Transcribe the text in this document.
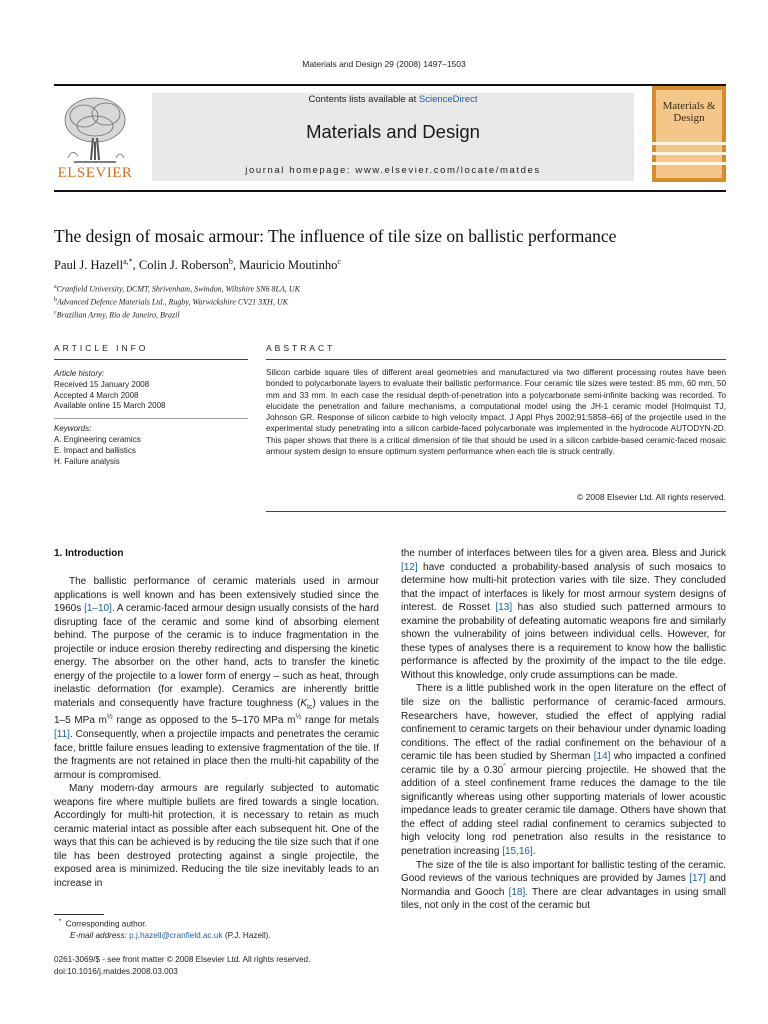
Materials and Design 29 (2008) 1497–1503
ELSEVIER
Contents lists available at ScienceDirect
Materials and Design
journal homepage: www.elsevier.com/locate/matdes
Materials & Design
The design of mosaic armour: The influence of tile size on ballistic performance
Paul J. Hazell$^{a,*}$, Colin J. Roberson$^b$, Mauricio Moutinho$^c$
$^a$Cranfield University, DCMT, Shrivenham, Swindon, Wiltshire SN6 8LA, UK
$^b$Advanced Defence Materials Ltd., Rugby, Warwickshire CV21 3XH, UK
$^c$Brazilian Army, Rio de Janeiro, Brazil
ARTICLE INFO
Article history:
Received 15 January 2008
Accepted 4 March 2008
Available online 15 March 2008
Keywords:
A. Engineering ceramics
E. Impact and ballistics
H. Failure analysis
ABSTRACT
Silicon carbide square tiles of different areal geometries and manufactured via two different processing routes have been bonded to polycarbonate layers to evaluate their ballistic performance. Four ceramic tile sizes were tested: 85 mm, 60 mm, 50 mm and 33 mm. In each case the residual depth-of-penetration into a polycarbonate semi-infinite backing was recorded. To elucidate the penetration and failure mechanisms, a computational model using the JH-1 ceramic model [Holmquist TJ, Johnson GR. Response of silicon carbide to high velocity impact. J Appl Phys 2002;91:5858–66] of the projectile used in the experimental study penetrating into a silicon carbide-faced polycarbonate was implemented in the hydrocode AUTODYN-2D. This paper shows that there is a critical dimension of tile that should be used in a silicon carbide-based ceramic-faced mosaic armour system design to ensure optimum system performance when each tile is struck centrally.
© 2008 Elsevier Ltd. All rights reserved.
1. Introduction

The ballistic performance of ceramic materials used in armour applications is well known and has been extensively studied since the 1960s [1–10]. A ceramic-faced armour design usually consists of the hard disrupting face of the ceramic and some kind of absorbing element behind. The purpose of the ceramic is to induce fragmentation in the projectile or induce erosion thereby redirecting and dispersing the kinetic energy. The absorber on the other hand, acts to transfer the kinetic energy of the projectile to a lower form of energy – such as heat, through inelastic deformation (for example). Ceramics are inherently brittle materials and consequently have fracture toughness $(K_{Ic})$ values in the 1–5 MPa $m^{\frac{1}{2}}$ range as opposed to the 5–170 MPa $m^{\frac{1}{2}}$ range for metals [11]. Consequently, when a projectile impacts and penetrates the ceramic face, brittle failure ensues leading to extensive fragmentation of the tile. If the fragments are not retained in place then the multi-hit capability of the armour is compromised.

Many modern-day armours are regularly subjected to automatic weapons fire where multiple bullets are fired towards a single location. Accordingly for multi-hit protection, it is necessary to retain as much ceramic material intact as possible after each subsequent hit. One of the ways that this can be achieved is by reducing the tile size such that if one tile has been destroyed protecting against a single projectile, the exposed area is minimized. Reducing the tile size inevitably leads to an increase in

the number of interfaces between tiles for a given area. Bless and Jurick [12] have conducted a probability-based analysis of such mosaics to determine how multi-hit protection varies with tile size. They concluded that the impact of interfaces is likely for most armour system designs of interest. de Rosset [13] has also studied such patterned armours to examine the probability of defeating automatic weapons fire and similarly shown the vulnerability of joins between individual cells. However, for these types of analyses there is a requirement to know how the ballistic performance is affected by the proximity of the impact to the tile edge. Without this knowledge, only crude assumptions can be made.

There is a little published work in the open literature on the effect of tile size on the ballistic performance of ceramic-faced armours. Researchers have, however, studied the effect of applying radial confinement to ceramic targets on their behaviour under dynamic loading conditions. The effect of the radial confinement on the behaviour of a ceramic tile has been studied by Sherman [14] who impacted a confined ceramic tile by a 0.30″ armour piercing projectile. He showed that the addition of a steel confinement frame reduces the damage to the tile significantly whereas using other supporting materials of lower acoustic impedance leads to greater ceramic tile damage. Others have shown that the effect of adding steel radial confinement to ceramics subjected to high velocity long rod penetration also results in the resistance to penetration increasing [15,16].

The size of the tile is also important for ballistic testing of the ceramic. Good reviews of the various techniques are provided by James [17] and Normandia and Gooch [18]. There are clear advantages in using small tiles, not only in the cost of the ceramic but

* Corresponding author.
E-mail address: p.j.hazell@cranfield.ac.uk (P.J. Hazell).
0261-3069/$ - see front matter © 2008 Elsevier Ltd. All rights reserved.
doi:10.1016/j.matdes.2008.03.003
